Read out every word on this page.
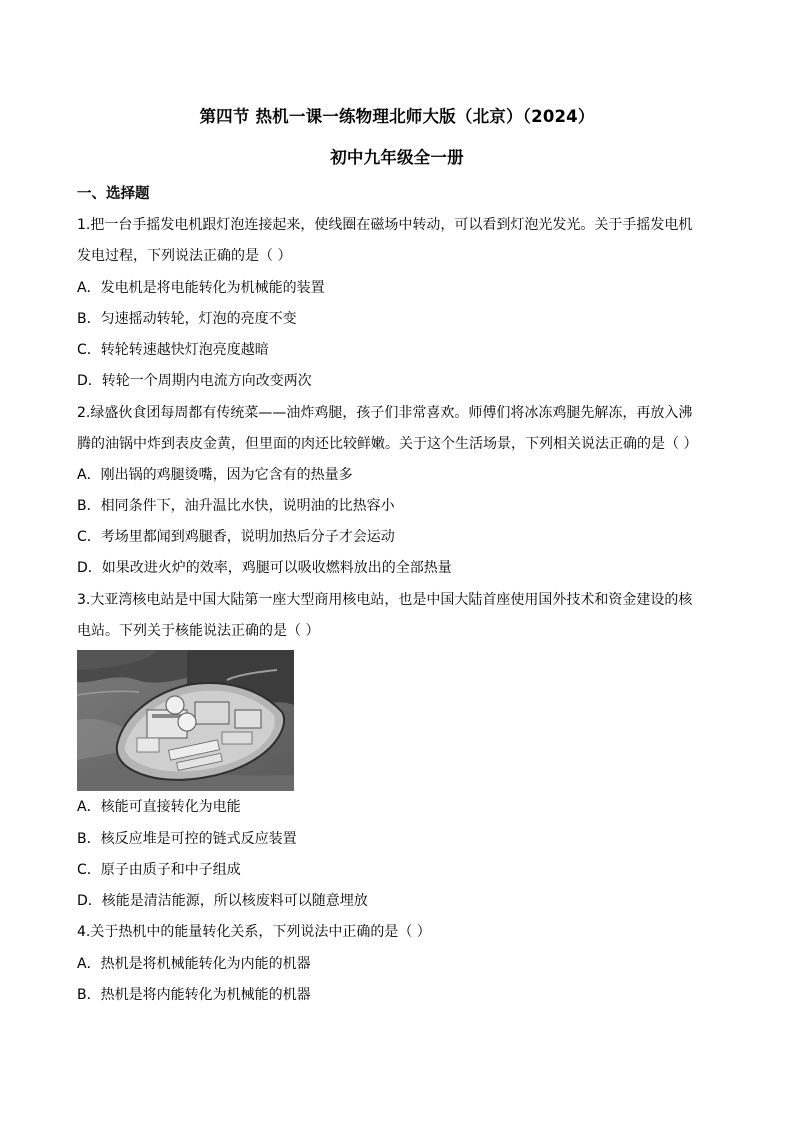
第四节 热机一课一练物理北师大版（北京）（2024）
初中九年级全一册
一、选择题
1.把一台手摇发电机跟灯泡连接起来，使线圈在磁场中转动，可以看到灯泡光发光。关于手摇发电机
发电过程，下列说法正确的是（ ）
A．发电机是将电能转化为机械能的装置
B．匀速摇动转轮，灯泡的亮度不变
C．转轮转速越快灯泡亮度越暗
D．转轮一个周期内电流方向改变两次
2.绿盛伙食团每周都有传统菜——油炸鸡腿，孩子们非常喜欢。师傅们将冰冻鸡腿先解冻，再放入沸
腾的油锅中炸到表皮金黄，但里面的肉还比较鲜嫩。关于这个生活场景，下列相关说法正确的是（ ）
A．刚出锅的鸡腿烫嘴，因为它含有的热量多
B．相同条件下，油升温比水快，说明油的比热容小
C．考场里都闻到鸡腿香，说明加热后分子才会运动
D．如果改进火炉的效率，鸡腿可以吸收燃料放出的全部热量
3.大亚湾核电站是中国大陆第一座大型商用核电站，也是中国大陆首座使用国外技术和资金建设的核
电站。下列关于核能说法正确的是（ ）
A．核能可直接转化为电能
B．核反应堆是可控的链式反应装置
C．原子由质子和中子组成
D．核能是清洁能源，所以核废料可以随意埋放
4.关于热机中的能量转化关系，下列说法中正确的是（ ）
A．热机是将机械能转化为内能的机器
B．热机是将内能转化为机械能的机器
